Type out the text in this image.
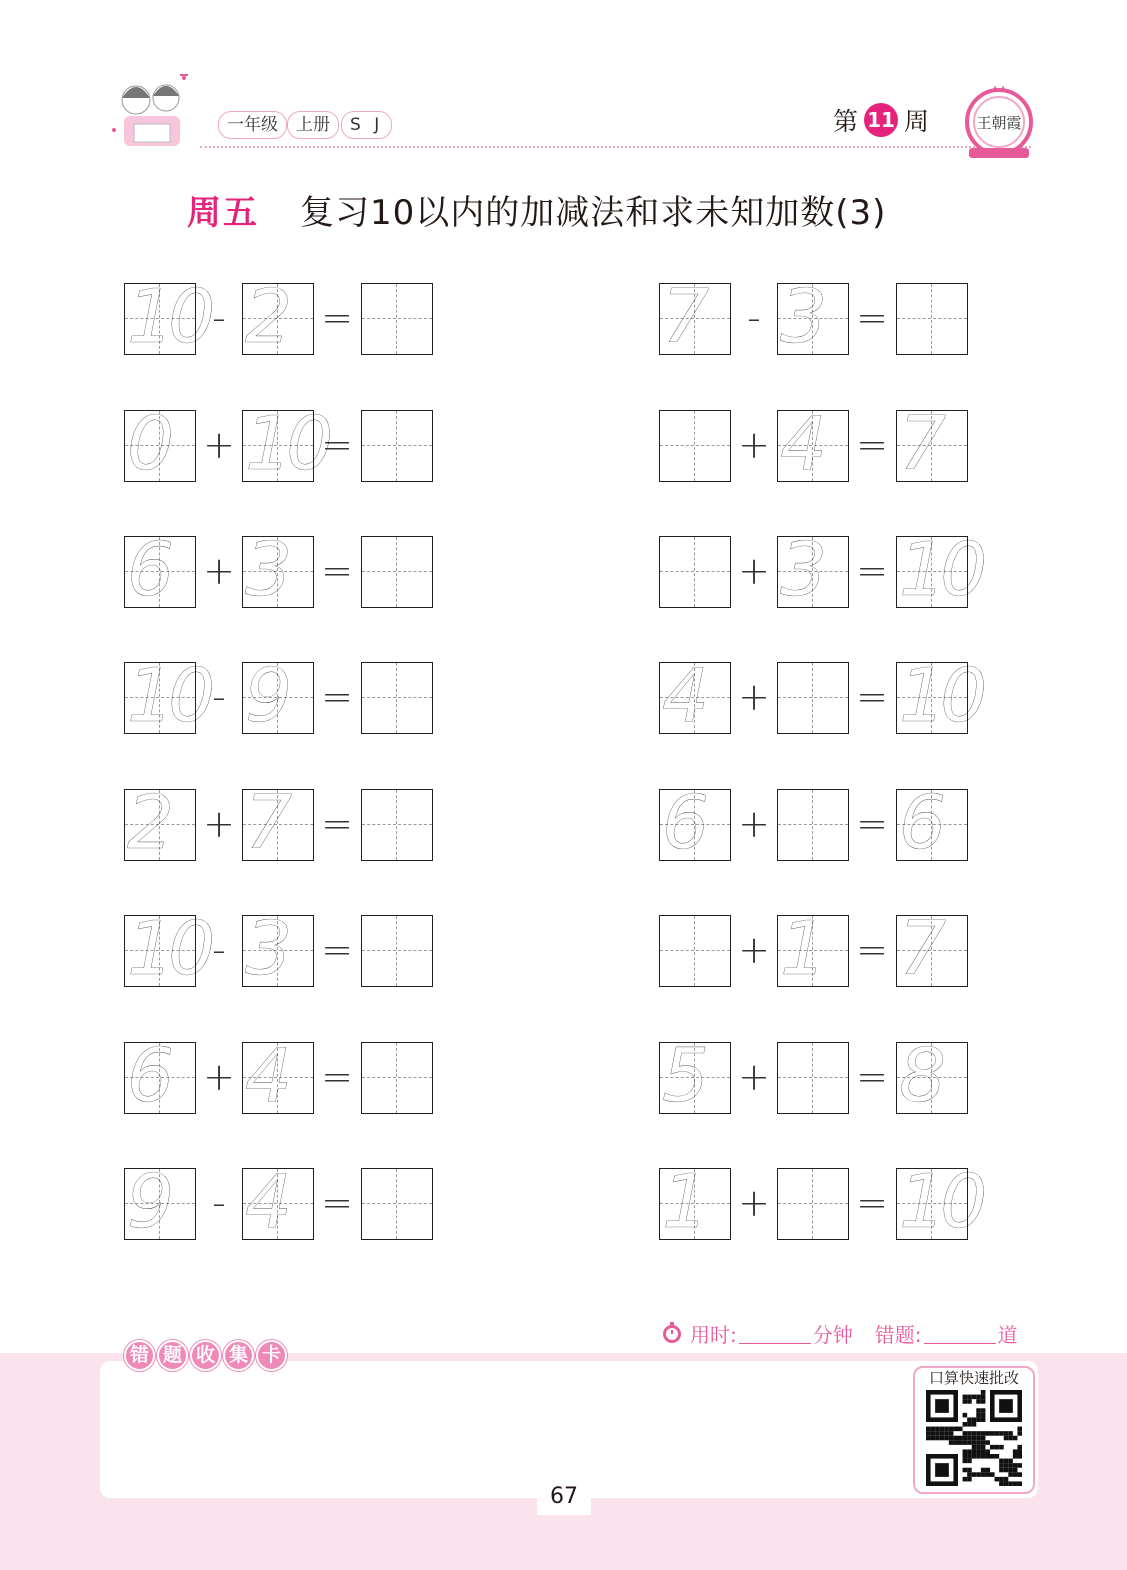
一年级	上册	S J	第 11 周	王朝霞
周五 复习10以内的加减法和求未知加数(3)
10 - 2 =
0 + 10
=
6 + 3 =
10 - 9 =
2 + 7 =
10 - 3 =
6 + 4 =
9	- 4 =
7	- 3 =
+ 4 = 7
+ 3 = 10
4 + = 10
6 + = 6
+ 1 = 7
5 + = 8
1 + = 10
用时:	分钟 错题:	道
错 题 收 集 卡
口算快速批改
67
